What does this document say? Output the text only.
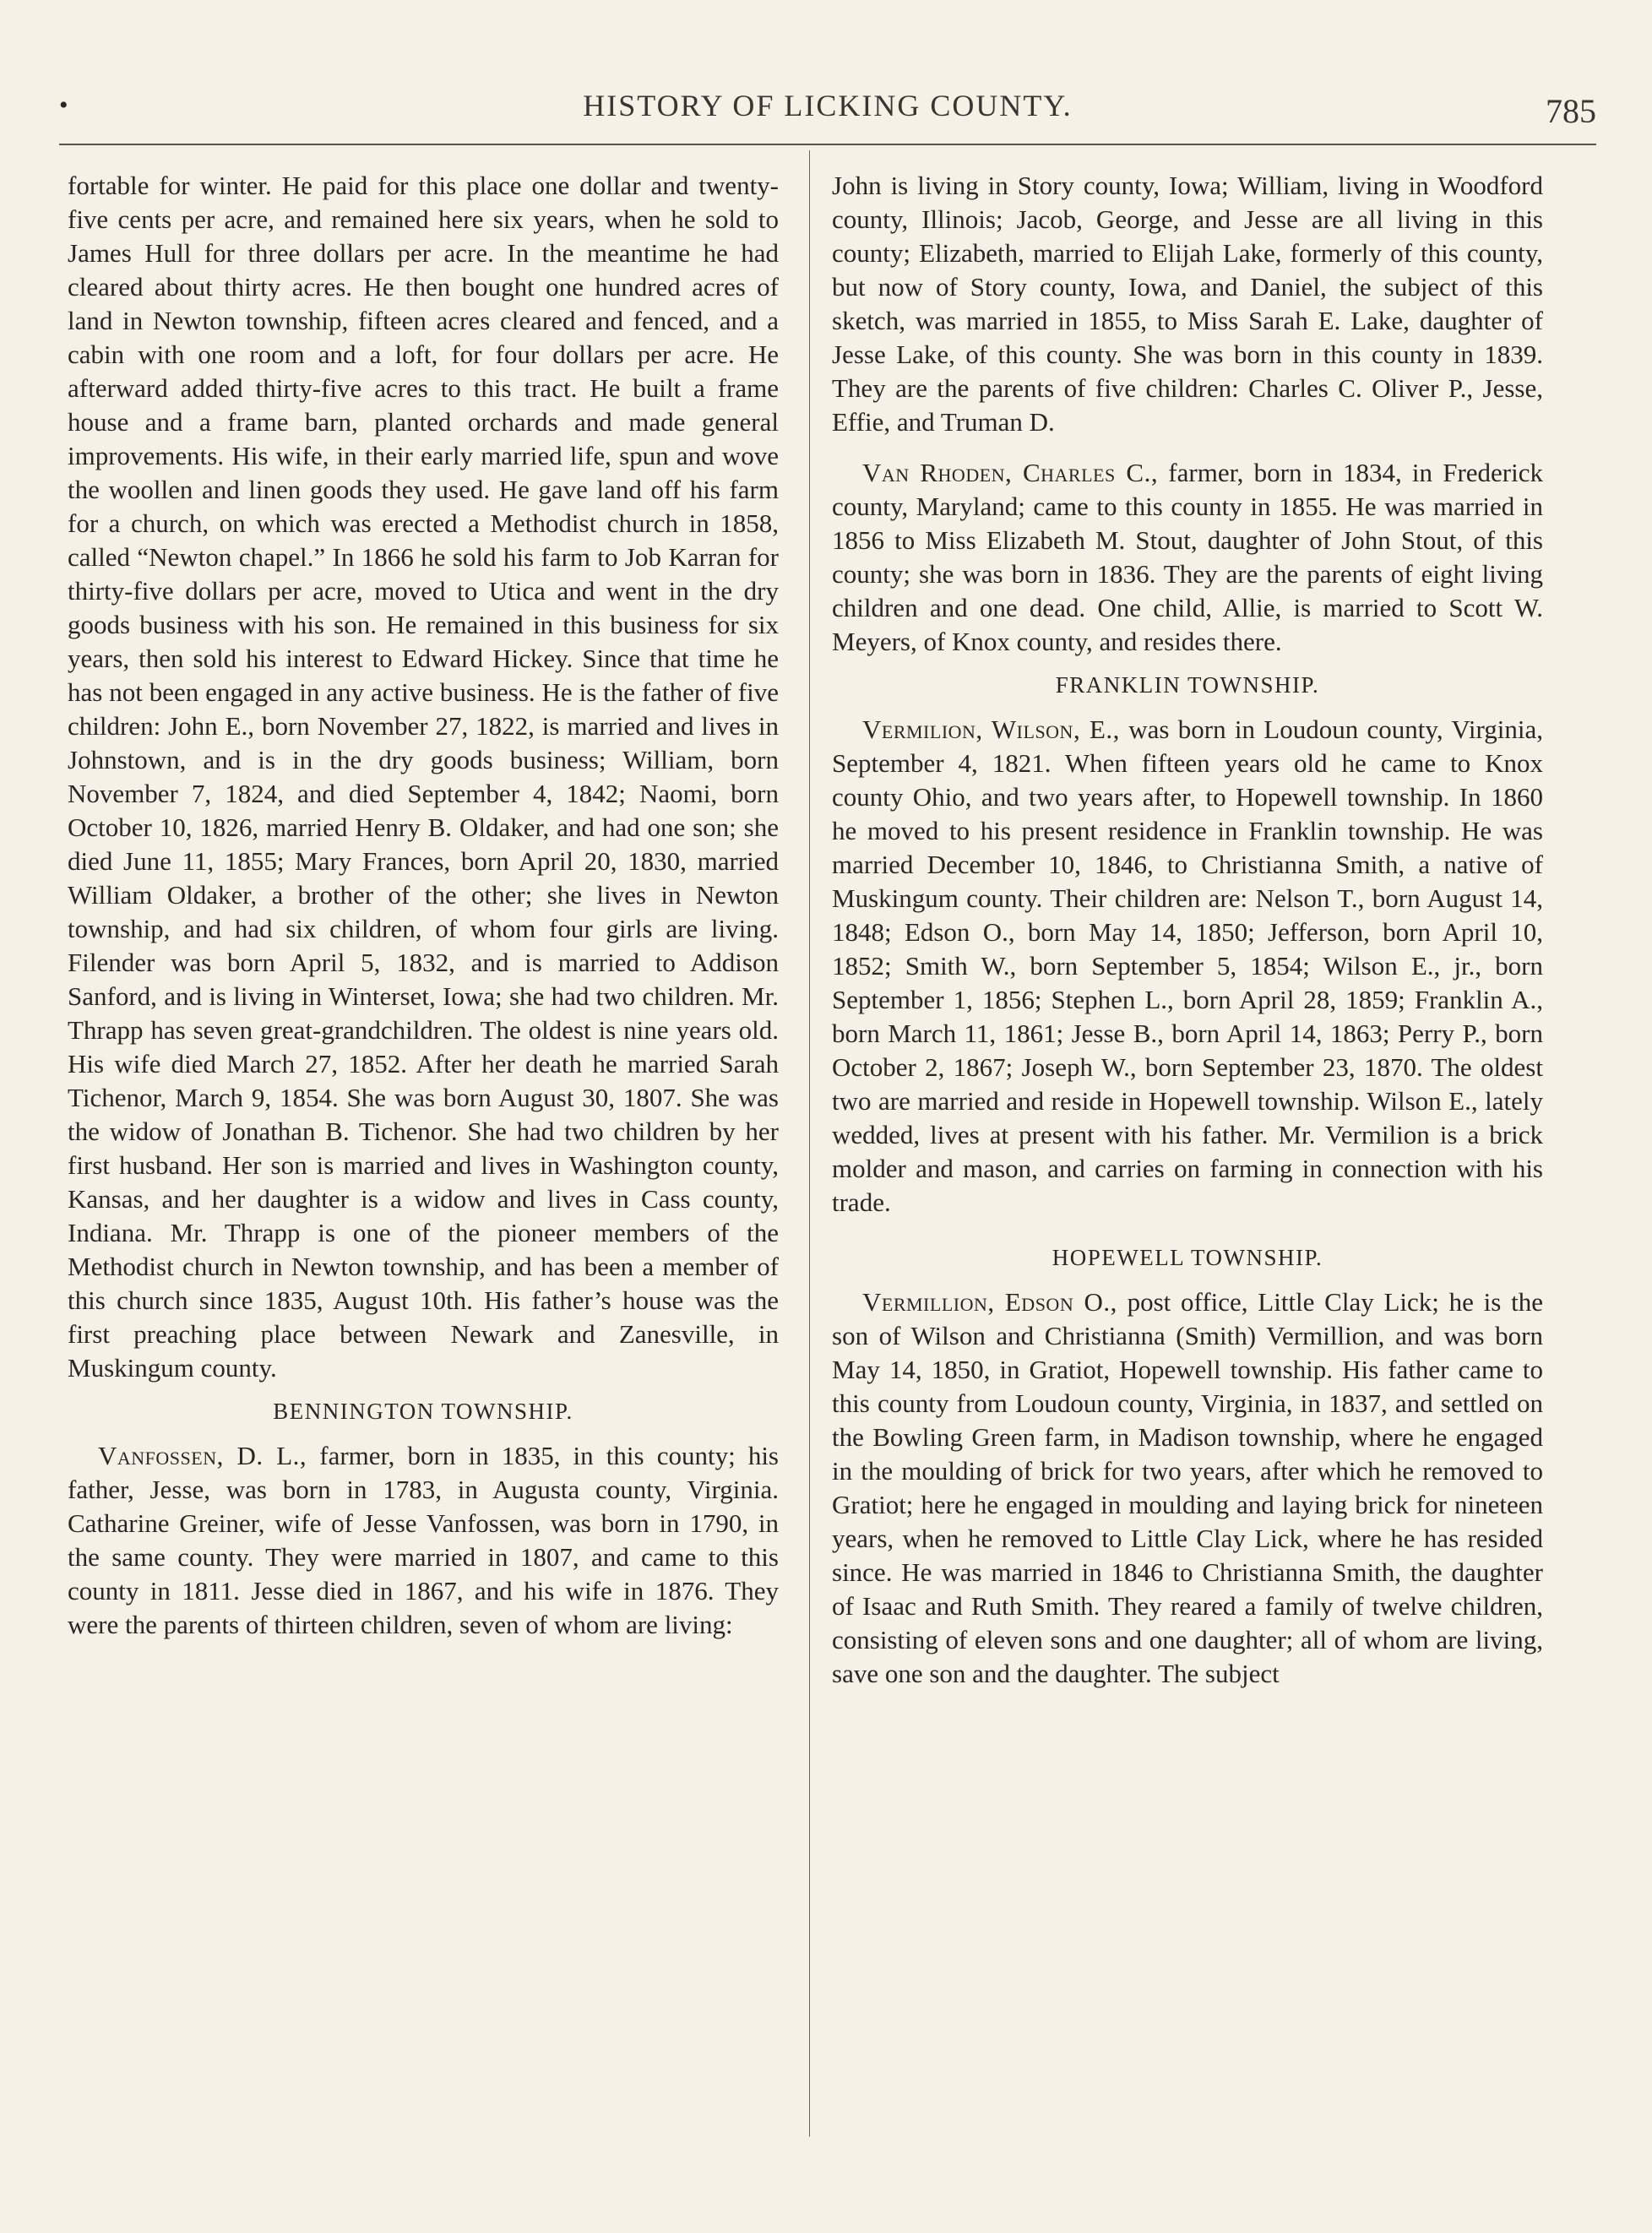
•	HISTORY OF LICKING COUNTY.	785

fortable for winter. He paid for this place one dollar and twenty-five cents per acre, and remained here six years, when he sold to James Hull for three dollars per acre. In the meantime he had cleared about thirty acres. He then bought one hundred acres of land in Newton township, fifteen acres cleared and fenced, and a cabin with one room and a loft, for four dollars per acre. He afterward added thirty-five acres to this tract. He built a frame house and a frame barn, planted orchards and made general improvements. His wife, in their early married life, spun and wove the woollen and linen goods they used. He gave land off his farm for a church, on which was erected a Methodist church in 1858, called “Newton chapel.” In 1866 he sold his farm to Job Karran for thirty-five dollars per acre, moved to Utica and went in the dry goods business with his son. He remained in this business for six years, then sold his interest to Edward Hickey. Since that time he has not been engaged in any active business. He is the father of five children: John E., born November 27, 1822, is married and lives in Johnstown, and is in the dry goods business; William, born November 7, 1824, and died September 4, 1842; Naomi, born October 10, 1826, married Henry B. Oldaker, and had one son; she died June 11, 1855; Mary Frances, born April 20, 1830, married William Oldaker, a brother of the other; she lives in Newton township, and had six children, of whom four girls are living. Filender was born April 5, 1832, and is married to Addison Sanford, and is living in Winterset, Iowa; she had two children. Mr. Thrapp has seven great-grandchildren. The oldest is nine years old. His wife died March 27, 1852. After her death he married Sarah Tichenor, March 9, 1854. She was born August 30, 1807. She was the widow of Jonathan B. Tichenor. She had two children by her first husband. Her son is married and lives in Washington county, Kansas, and her daughter is a widow and lives in Cass county, Indiana. Mr. Thrapp is one of the pioneer members of the Methodist church in Newton township, and has been a member of this church since 1835, August 10th. His father’s house was the first preaching place between Newark and Zanesville, in Muskingum county.

BENNINGTON TOWNSHIP.

Vanfossen, D. L., farmer, born in 1835, in this county; his father, Jesse, was born in 1783, in Augusta county, Virginia. Catharine Greiner, wife of Jesse Vanfossen, was born in 1790, in the same county. They were married in 1807, and came to this county in 1811. Jesse died in 1867, and his wife in 1876. They were the parents of thirteen children, seven of whom are living:

John is living in Story county, Iowa; William, living in Woodford county, Illinois; Jacob, George, and Jesse are all living in this county; Elizabeth, married to Elijah Lake, formerly of this county, but now of Story county, Iowa, and Daniel, the subject of this sketch, was married in 1855, to Miss Sarah E. Lake, daughter of Jesse Lake, of this county. She was born in this county in 1839. They are the parents of five children: Charles C. Oliver P., Jesse, Effie, and Truman D.

Van Rhoden, Charles C., farmer, born in 1834, in Frederick county, Maryland; came to this county in 1855. He was married in 1856 to Miss Elizabeth M. Stout, daughter of John Stout, of this county; she was born in 1836. They are the parents of eight living children and one dead. One child, Allie, is married to Scott W. Meyers, of Knox county, and resides there.

FRANKLIN TOWNSHIP.

Vermilion, Wilson, E., was born in Loudoun county, Virginia, September 4, 1821. When fifteen years old he came to Knox county Ohio, and two years after, to Hopewell township. In 1860 he moved to his present residence in Franklin township. He was married December 10, 1846, to Christianna Smith, a native of Muskingum county. Their children are: Nelson T., born August 14, 1848; Edson O., born May 14, 1850; Jefferson, born April 10, 1852; Smith W., born September 5, 1854; Wilson E., jr., born September 1, 1856; Stephen L., born April 28, 1859; Franklin A., born March 11, 1861; Jesse B., born April 14, 1863; Perry P., born October 2, 1867; Joseph W., born September 23, 1870. The oldest two are married and reside in Hopewell township. Wilson E., lately wedded, lives at present with his father. Mr. Vermilion is a brick molder and mason, and carries on farming in connection with his trade.

HOPEWELL TOWNSHIP.

Vermillion, Edson O., post office, Little Clay Lick; he is the son of Wilson and Christianna (Smith) Vermillion, and was born May 14, 1850, in Gratiot, Hopewell township. His father came to this county from Loudoun county, Virginia, in 1837, and settled on the Bowling Green farm, in Madison township, where he engaged in the moulding of brick for two years, after which he removed to Gratiot; here he engaged in moulding and laying brick for nineteen years, when he removed to Little Clay Lick, where he has resided since. He was married in 1846 to Christianna Smith, the daughter of Isaac and Ruth Smith. They reared a family of twelve children, consisting of eleven sons and one daughter; all of whom are living, save one son and the daughter. The subject
